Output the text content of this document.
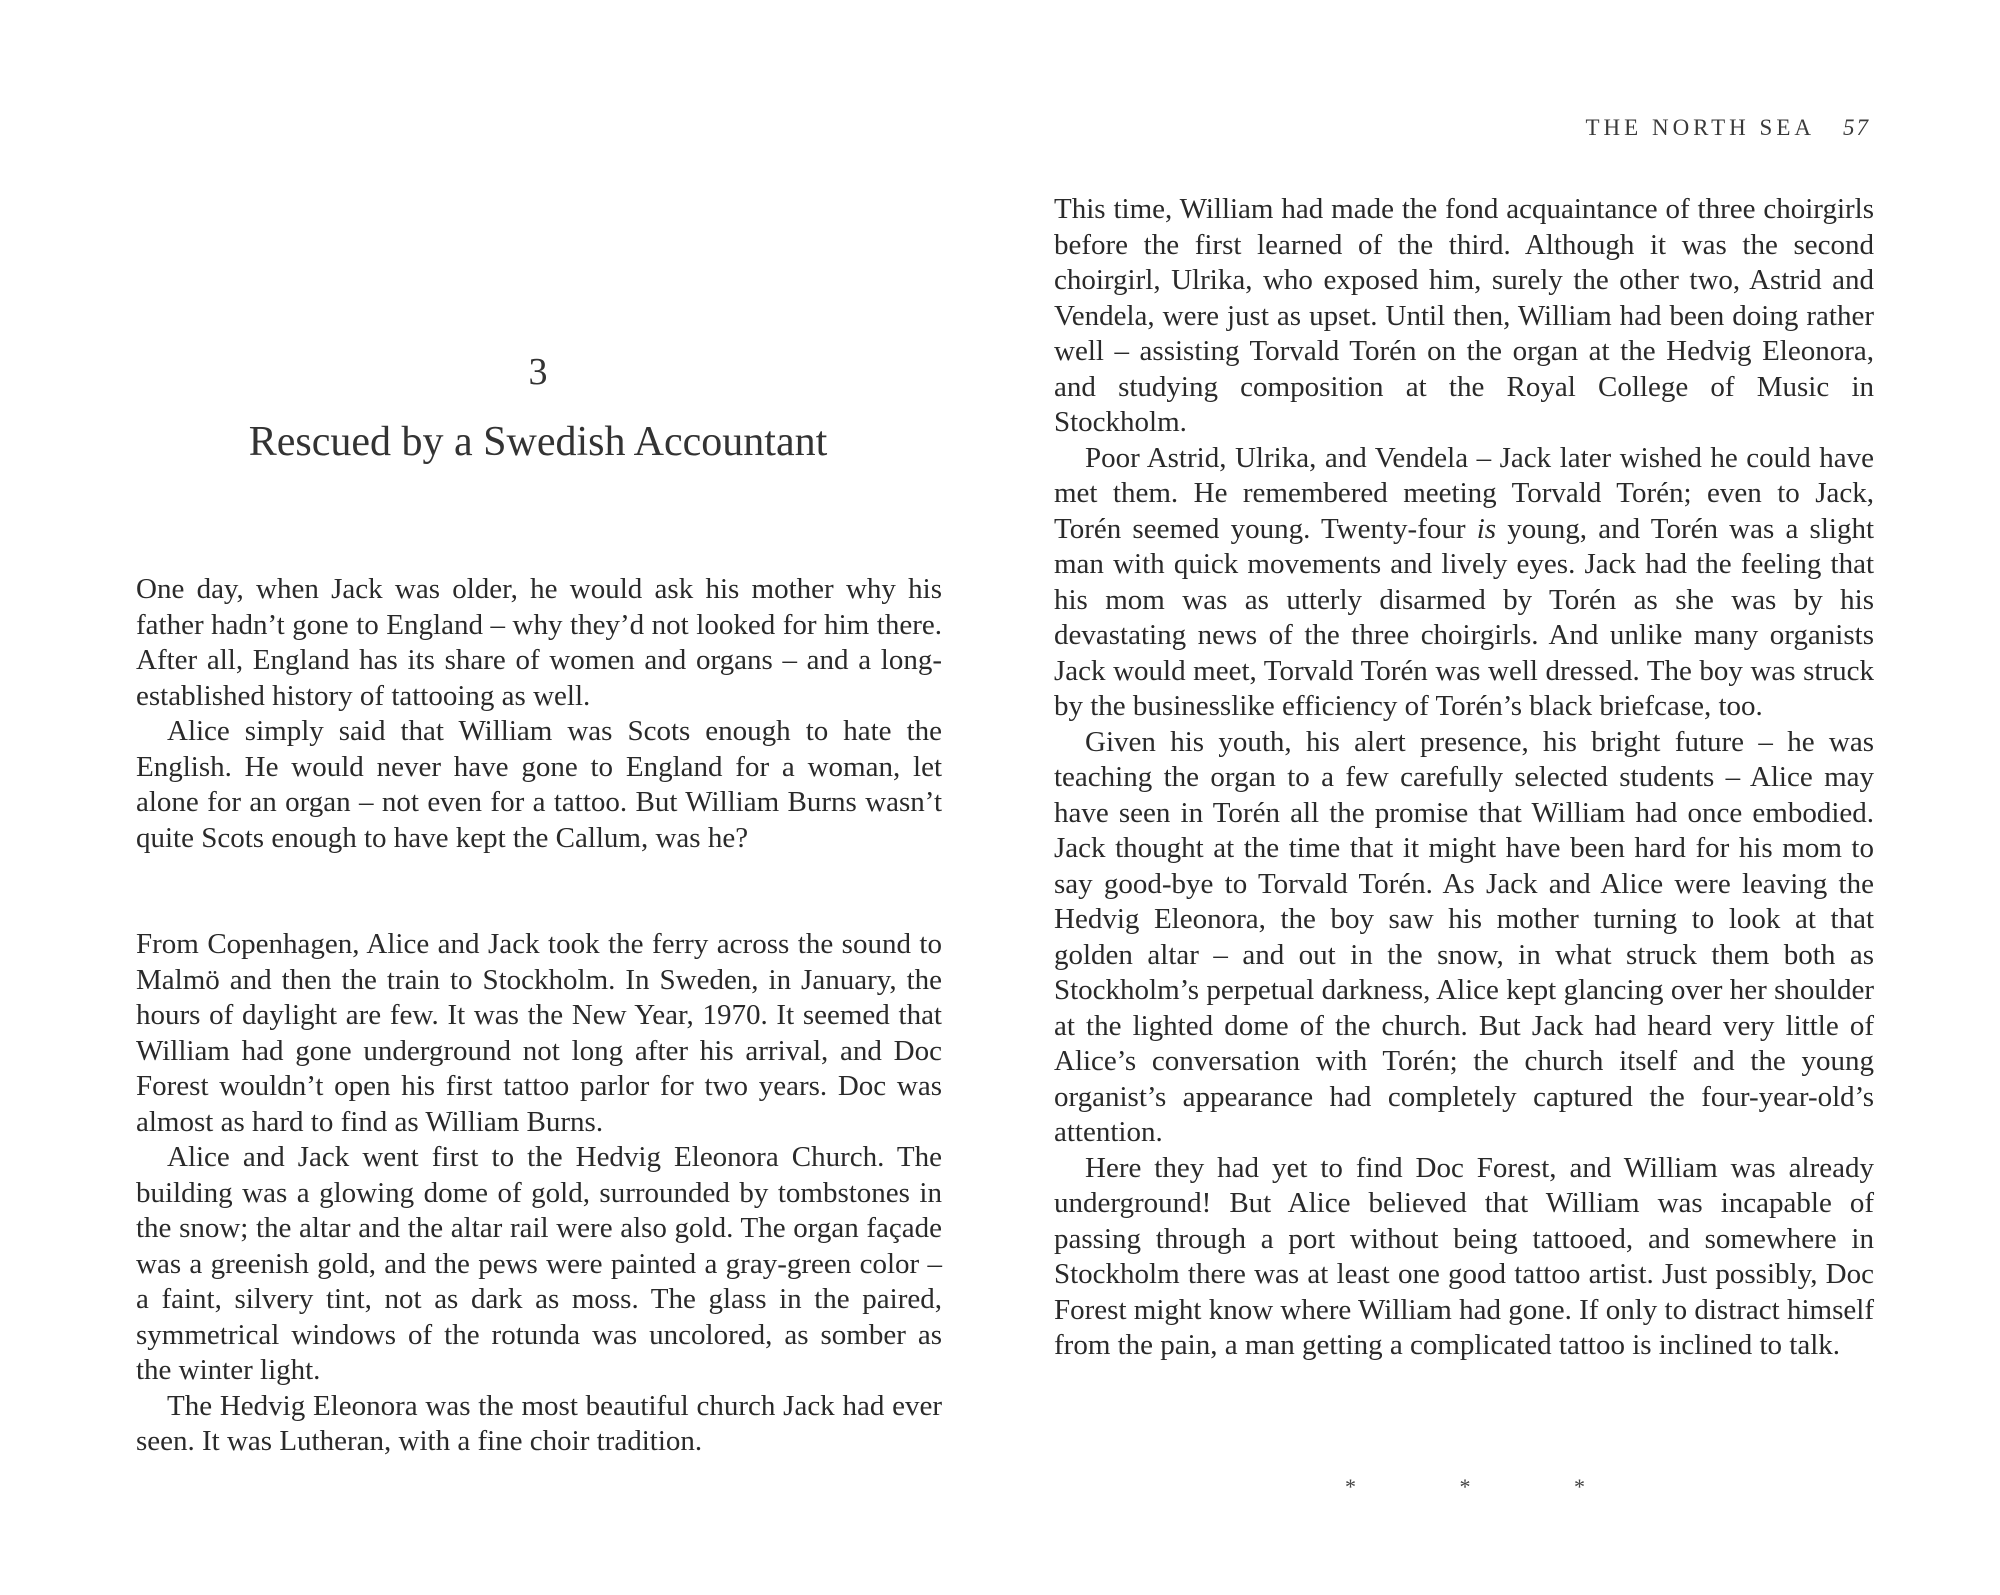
THE NORTH SEA 57
3
Rescued by a Swedish Accountant

One day, when Jack was older, he would ask his mother why his father hadn’t gone to England – why they’d not looked for him there. After all, England has its share of women and organs – and a long-established history of tattooing as well.

Alice simply said that William was Scots enough to hate the English. He would never have gone to England for a woman, let alone for an organ – not even for a tattoo. But William Burns wasn’t quite Scots enough to have kept the Callum, was he?

From Copenhagen, Alice and Jack took the ferry across the sound to Malmö and then the train to Stockholm. In Sweden, in January, the hours of daylight are few. It was the New Year, 1970. It seemed that William had gone underground not long after his arrival, and Doc Forest wouldn’t open his first tattoo parlor for two years. Doc was almost as hard to find as William Burns.

Alice and Jack went first to the Hedvig Eleonora Church. The building was a glowing dome of gold, surrounded by tombstones in the snow; the altar and the altar rail were also gold. The organ façade was a greenish gold, and the pews were painted a gray-green color – a faint, silvery tint, not as dark as moss. The glass in the paired, symmetrical windows of the rotunda was uncolored, as somber as the winter light.

The Hedvig Eleonora was the most beautiful church Jack had ever seen. It was Lutheran, with a fine choir tradition.

This time, William had made the fond acquaintance of three choirgirls before the first learned of the third. Although it was the second choirgirl, Ulrika, who exposed him, surely the other two, Astrid and Vendela, were just as upset. Until then, William had been doing rather well – assisting Torvald Torén on the organ at the Hedvig Eleonora, and studying composition at the Royal College of Music in Stockholm.

Poor Astrid, Ulrika, and Vendela – Jack later wished he could have met them. He remembered meeting Torvald Torén; even to Jack, Torén seemed young. Twenty-four is young, and Torén was a slight man with quick movements and lively eyes. Jack had the feeling that his mom was as utterly disarmed by Torén as she was by his devastating news of the three choirgirls. And unlike many organists Jack would meet, Torvald Torén was well dressed. The boy was struck by the businesslike efficiency of Torén’s black briefcase, too.

Given his youth, his alert presence, his bright future – he was teaching the organ to a few carefully selected students – Alice may have seen in Torén all the promise that William had once embodied. Jack thought at the time that it might have been hard for his mom to say good-bye to Torvald Torén. As Jack and Alice were leaving the Hedvig Eleonora, the boy saw his mother turning to look at that golden altar – and out in the snow, in what struck them both as Stockholm’s perpetual darkness, Alice kept glancing over her shoulder at the lighted dome of the church. But Jack had heard very little of Alice’s conversation with Torén; the church itself and the young organist’s appearance had completely captured the four-year-old’s attention.

Here they had yet to find Doc Forest, and William was already underground! But Alice believed that William was incapable of passing through a port without being tattooed, and somewhere in Stockholm there was at least one good tattoo artist. Just possibly, Doc Forest might know where William had gone. If only to distract himself from the pain, a man getting a complicated tattoo is inclined to talk.

*	*	*
